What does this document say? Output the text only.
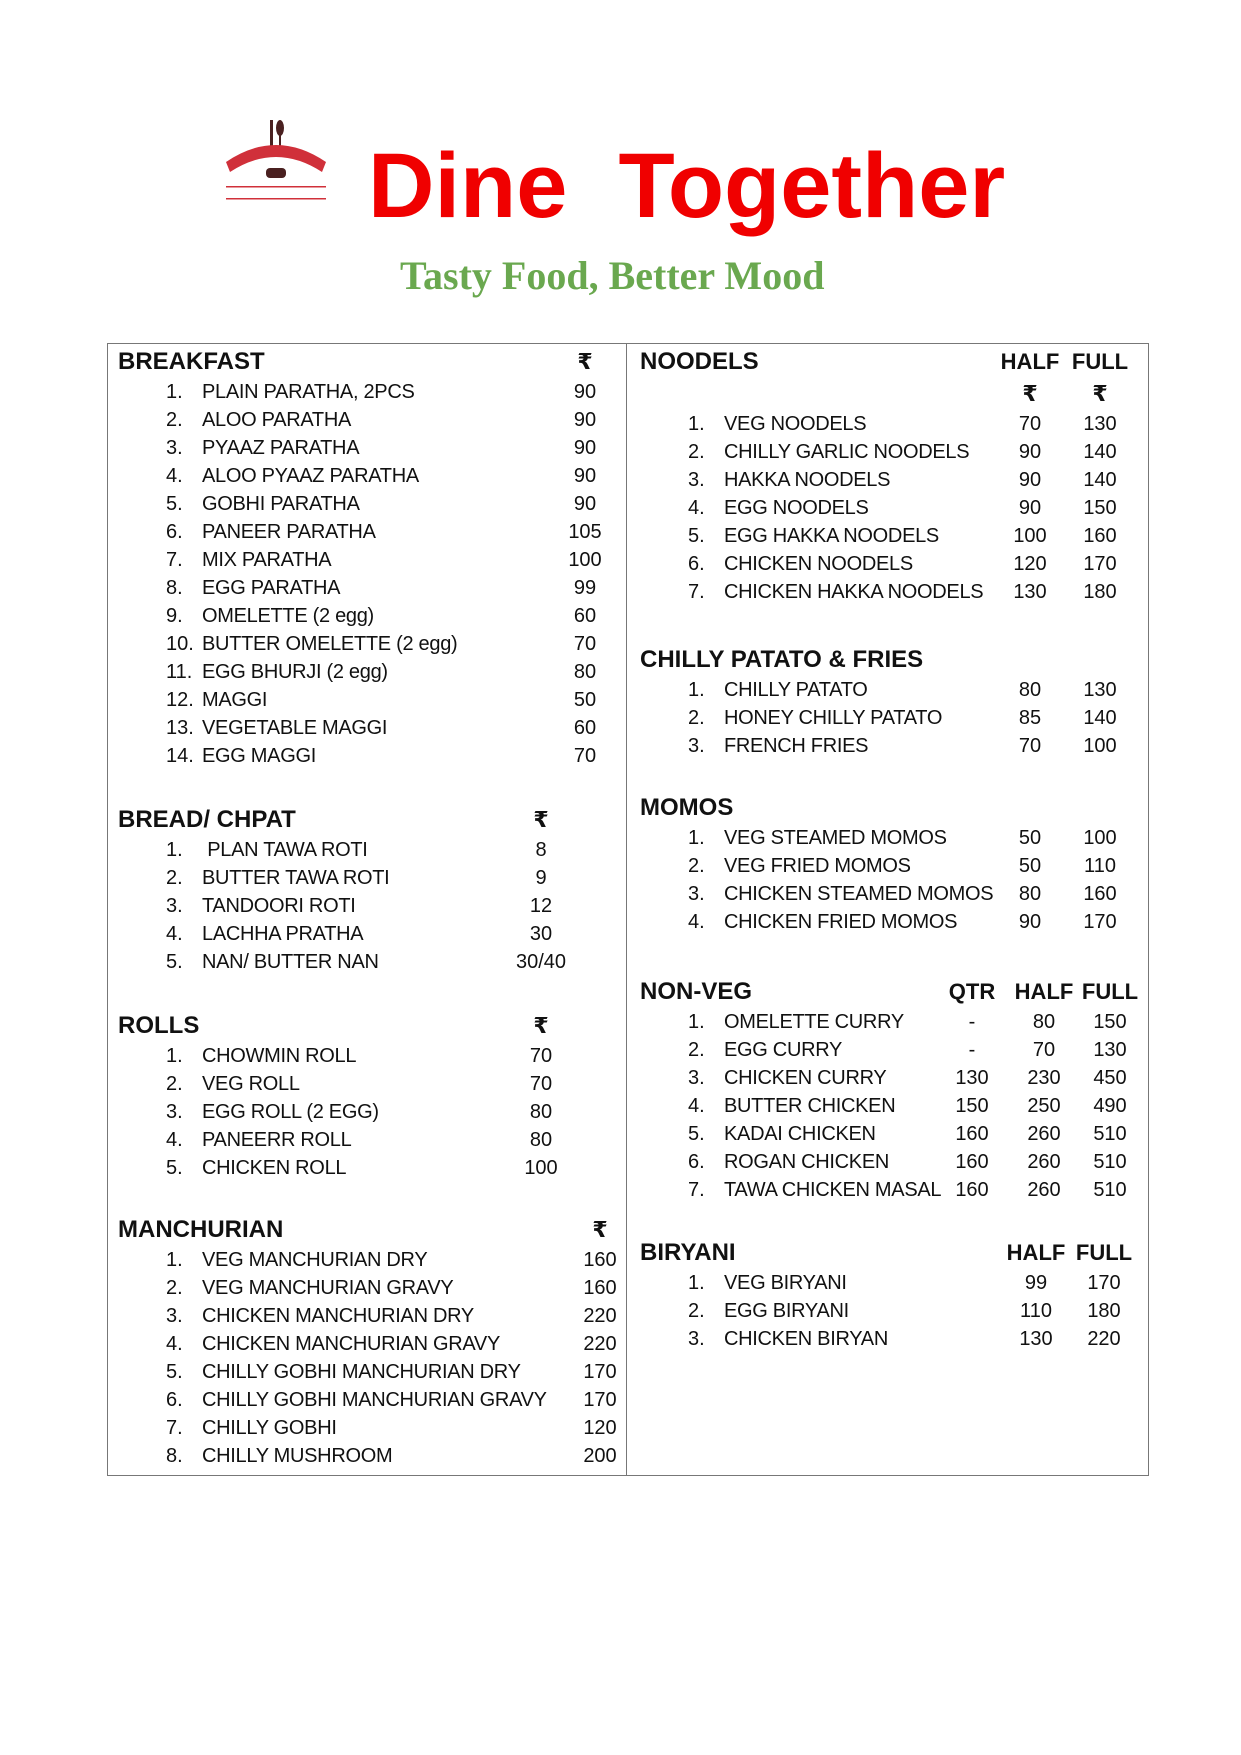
Dine  Together
Tasty Food, Better Mood
BREAKFAST	₹
1. PLAIN PARATHA, 2PCS	90
2. ALOO PARATHA	90
3. PYAAZ PARATHA	90
4. ALOO PYAAZ PARATHA	90
5. GOBHI PARATHA	90
6. PANEER PARATHA	105
7. MIX PARATHA	100
8. EGG PARATHA	99
9. OMELETTE (2 egg)	60
10. BUTTER OMELETTE (2 egg)	70
11. EGG BHURJI (2 egg)	80
12. MAGGI	50
13. VEGETABLE MAGGI	60
14. EGG MAGGI	70
BREAD/ CHPAT	₹
1. PLAN TAWA ROTI	8
2. BUTTER TAWA ROTI	9
3. TANDOORI ROTI	12
4. LACHHA PRATHA	30
5. NAN/ BUTTER NAN	30/40
ROLLS	₹
1. CHOWMIN ROLL	70
2. VEG ROLL	70
3. EGG ROLL (2 EGG)	80
4. PANEERR ROLL	80
5. CHICKEN ROLL	100
MANCHURIAN	₹
1. VEG MANCHURIAN DRY	160
2. VEG MANCHURIAN GRAVY	160
3. CHICKEN MANCHURIAN DRY	220
4. CHICKEN MANCHURIAN GRAVY	220
5. CHILLY GOBHI MANCHURIAN DRY	170
6. CHILLY GOBHI MANCHURIAN GRAVY 170
7. CHILLY GOBHI	120
8. CHILLY MUSHROOM	200
NOODELS	HALF FULL
₹ ₹
1. VEG NOODELS	70 130
2. CHILLY GARLIC NOODELS 90 140
3. HAKKA NOODELS	90 140
4. EGG NOODELS	90 150
5. EGG HAKKA NOODELS	100 160
6. CHICKEN NOODELS	120 170
7. CHICKEN HAKKA NOODELS 130 180
CHILLY PATATO & FRIES
1. CHILLY PATATO	80 130
2. HONEY CHILLY PATATO	85 140
3. FRENCH FRIES	70 100
MOMOS
1. VEG STEAMED MOMOS	50 100
2. VEG FRIED MOMOS	50 110
3. CHICKEN STEAMED MOMOS 80 160
4. CHICKEN FRIED MOMOS	90 170
NON-VEG	QTR HALF FULL
1. OMELETTE CURRY	-	80 150
2. EGG CURRY	-	70 130
3. CHICKEN CURRY	130 230 450
4. BUTTER CHICKEN	150 250 490
5. KADAI CHICKEN	160 260 510
6. ROGAN CHICKEN	160 260 510
7. TAWA CHICKEN MASAL 160 260 510
BIRYANI	HALF FULL
1. VEG BIRYANI	99 170
2. EGG BIRYANI	110 180
3. CHICKEN BIRYAN	130 220
